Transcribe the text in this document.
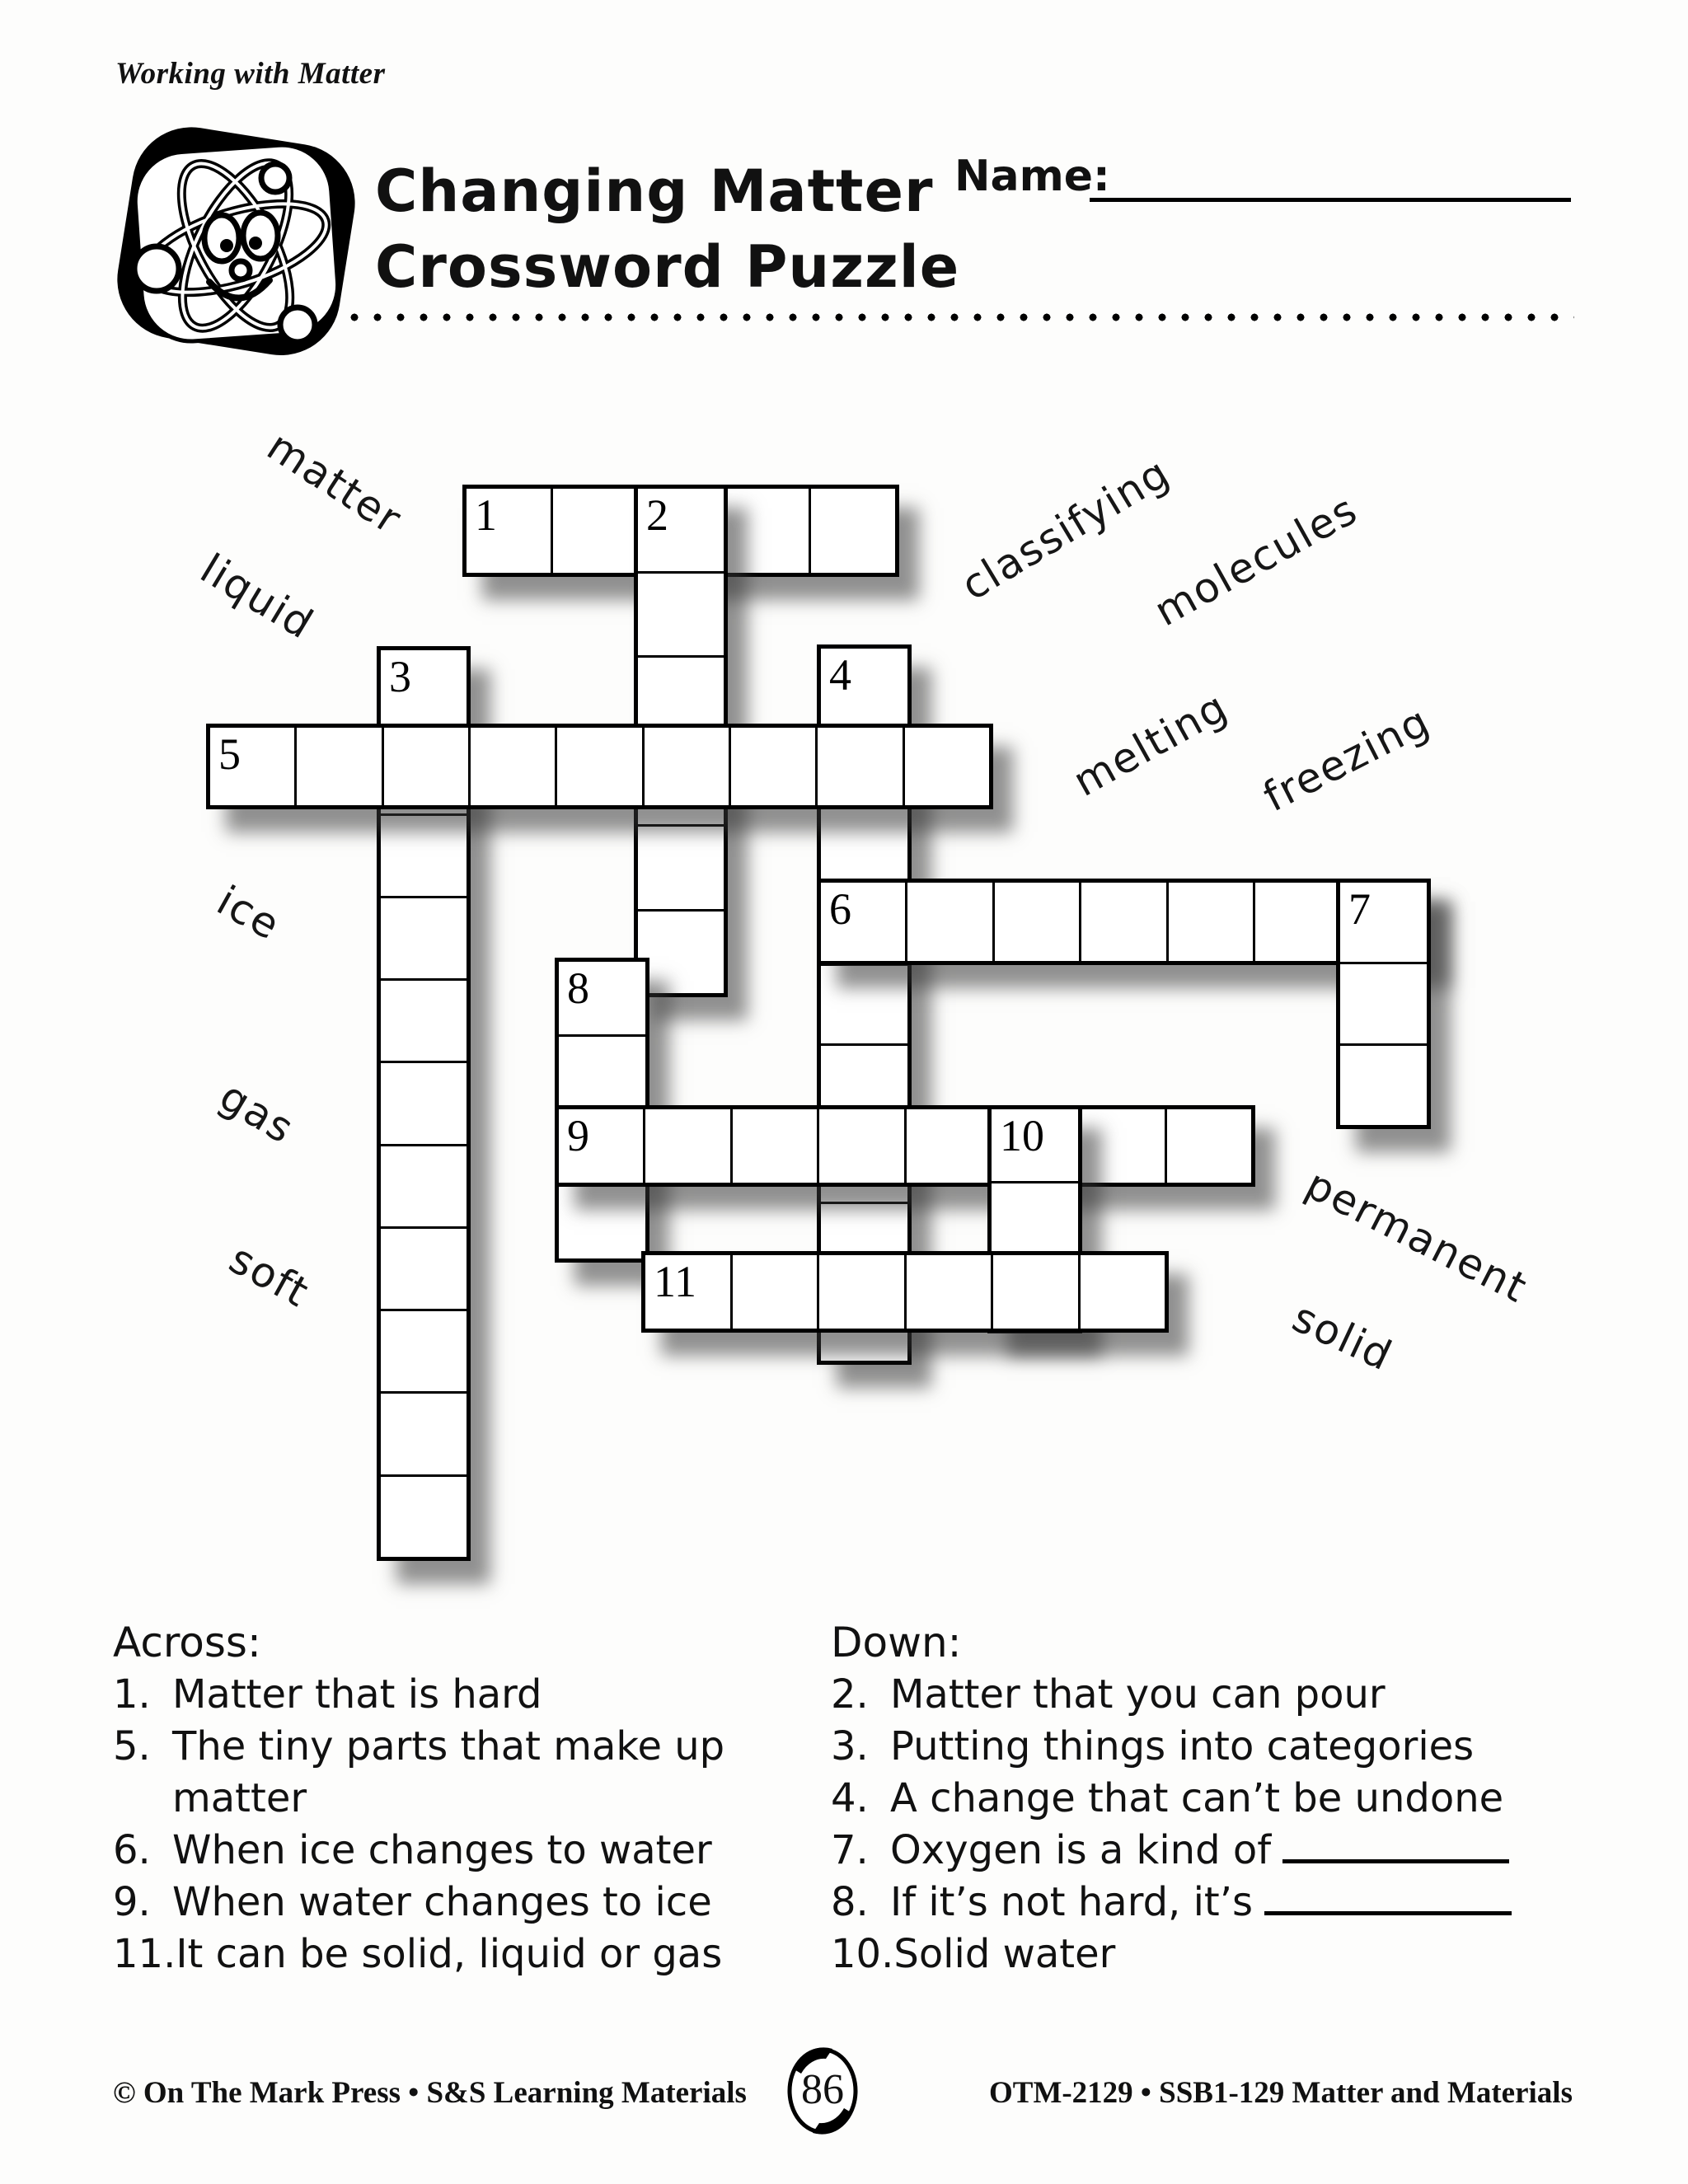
Working with Matter
Changing Matter
Crossword Puzzle
Name:
matter
liquid	classifying
molecules
melting freezing
ice
gas
soft	permanent
solid
1	2
3	4
5
6	7
8
9	10
11
Across:
1. Matter that is hard
5. The tiny parts that make up
matter
6. When ice changes to water
9. When water changes to ice
11. It can be solid, liquid or gas
Down:
2. Matter that you can pour
3. Putting things into categories
4. A change that can’t be undone
7. Oxygen is a kind of
8. If it’s not hard, it’s
10. Solid water
© On The Mark Press • S&S Learning Materials	86	OTM-2129 • SSB1-129 Matter and Materials
